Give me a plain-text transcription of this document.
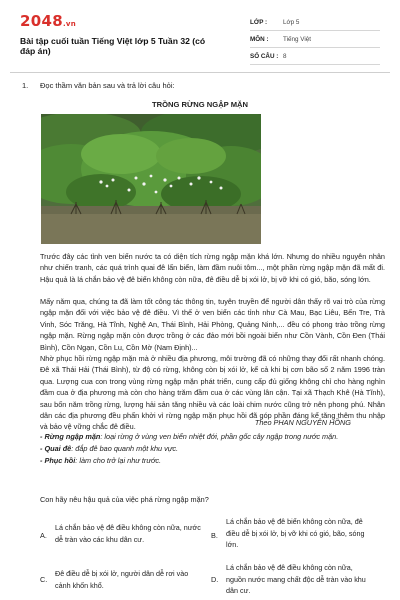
2048.vn
Bài tập cuối tuần Tiếng Việt lớp 5 Tuần 32 (có đáp án)
LỚP :	Lớp 5
MÔN :	Tiếng Việt
SỐ CÂU : 8
1. Đọc thầm văn bản sau và trả lời câu hỏi:
TRỒNG RỪNG NGẬP MẶN

Trước đây các tỉnh ven biển nước ta có diện tích rừng ngập mặn khá lớn. Nhưng do nhiều nguyên nhân như chiến tranh, các quá trình quai đê lấn biển, làm đầm nuôi tôm..., một phần rừng ngập mặn đã mất đi. Hậu quả là lá chắn bảo vệ đê biển không còn nữa, đê điều dễ bị xói lở, bị vỡ khi có gió, bão, sóng lớn.

Mấy năm qua, chúng ta đã làm tốt công tác thông tin, tuyên truyền để người dân thấy rõ vai trò của rừng ngập mặn đối với việc bảo vệ đê điều. Vì thế ở ven biển các tỉnh như Cà Mau, Bạc Liêu, Bến Tre, Trà Vinh, Sóc Trăng, Hà Tĩnh, Nghệ An, Thái Bình, Hải Phòng, Quảng Ninh,... đều có phong trào trồng rừng ngập mặn. Rừng ngập mặn còn được trồng ở các đảo mới bồi ngoài biển như Cồn Vành, Cồn Đen (Thái Bình), Cồn Ngạn, Cồn Lu, Cồn Mờ (Nam Định)...

Nhờ phục hồi rừng ngập mặn mà ở nhiều địa phương, môi trường đã có những thay đổi rất nhanh chóng. Đê xã Thái Hải (Thái Bình), từ độ có rừng, không còn bị xói lở, kể cả khi bị cơn bão số 2 năm 1996 tràn qua. Lượng cua con trong vùng rừng ngập mặn phát triển, cung cấp đủ giống không chỉ cho hàng nghìn đầm cua ở địa phương mà còn cho hàng trăm đầm cua ở các vùng lân cận. Tại xã Thạch Khê (Hà Tĩnh), sau bốn năm trồng rừng, lượng hải sản tăng nhiều và các loài chim nước cũng trở nên phong phú. Nhân dân các địa phương đều phấn khởi vì rừng ngập mặn phục hồi đã góp phần đáng kể tăng thêm thu nhập và bảo vệ vững chắc đê điều.	Theo PHAN NGUYÊN HỒNG
- Rừng ngập mặn: loại rừng ở vùng ven biển nhiệt đới, phần gốc cây ngập trong nước mặn.
- Quai đê: đắp đê bao quanh một khu vực.
- Phục hồi: làm cho trở lại như trước.
Con hãy nêu hậu quả của việc phá rừng ngập mặn?
A.
Lá chắn bảo vệ đê điều không còn nữa, nước dễ tràn vào các khu dân cư.	B.
Lá chắn bảo vệ đê biển không còn nữa, đê điều dễ bị xói lở, bị vỡ khi có gió, bão, sóng lớn.
C.
Đê điều dễ bị xói lở, người dân dễ rơi vào cảnh khốn khổ.
D.
Lá chắn bảo vệ đê điều không còn nữa, nguồn nước mang chất độc dễ tràn vào khu dân cư.
